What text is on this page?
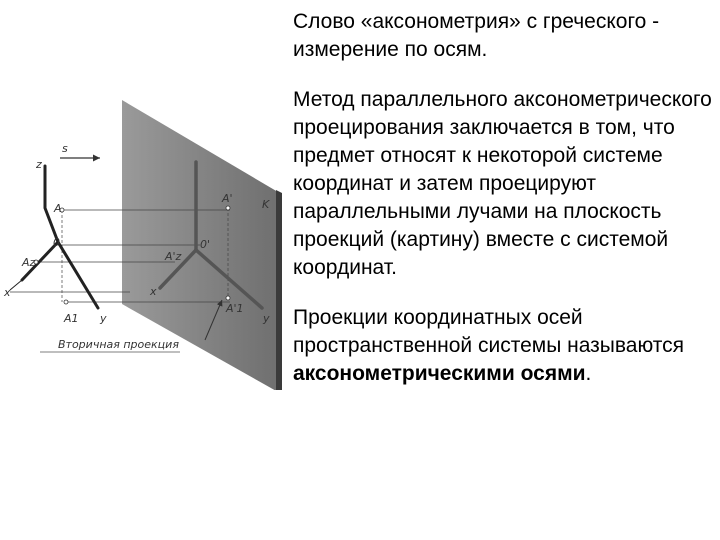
s
z
A
0
Az
x
A1 y
A'	K
0'
A'z
x
A'1
y
Вторичная проекция

Слово «аксонометрия» с греческого -
измерение по осям.

Метод параллельного аксонометрического проецирования заключается в том, что предмет относят к некоторой системе координат и затем проецируют параллельными лучами на плоскость проекций (картину) вместе с системой координат.

Проекции координатных осей пространственной системы называются аксонометрическими осями.
